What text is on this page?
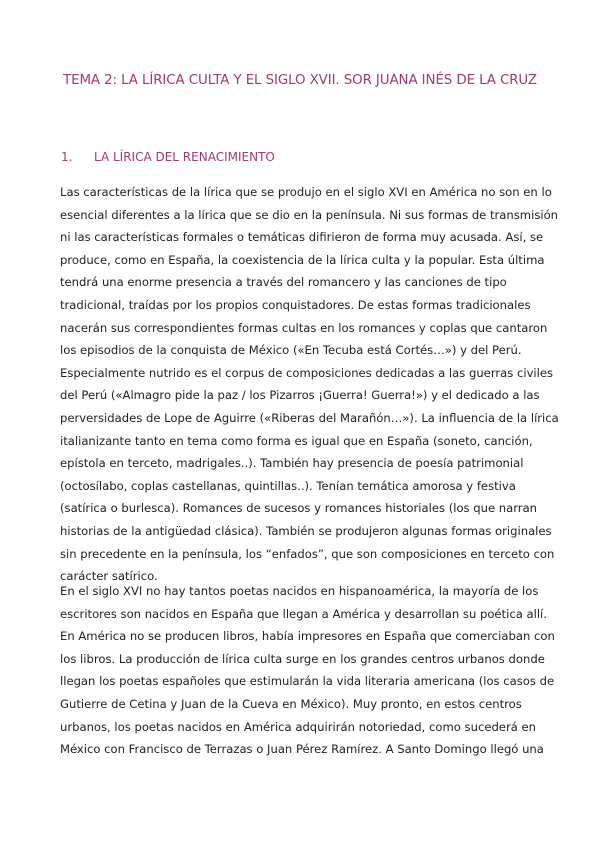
TEMA 2: LA LÍRICA CULTA Y EL SIGLO XVII. SOR JUANA INÉS DE LA CRUZ
1. LA LÍRICA DEL RENACIMIENTO
Las características de la lírica que se produjo en el siglo XVI en América no son en lo
esencial diferentes a la lírica que se dio en la península. Ni sus formas de transmisión
ni las características formales o temáticas difirieron de forma muy acusada. Así, se
produce, como en España, la coexistencia de la lírica culta y la popular. Esta última
tendrá una enorme presencia a través del romancero y las canciones de tipo
tradicional, traídas por los propios conquistadores. De estas formas tradicionales
nacerán sus correspondientes formas cultas en los romances y coplas que cantaron
los episodios de la conquista de México («En Tecuba está Cortés…») y del Perú.
Especialmente nutrido es el corpus de composiciones dedicadas a las guerras civiles
del Perú («Almagro pide la paz / los Pizarros ¡Guerra! Guerra!») y el dedicado a las
perversidades de Lope de Aguirre («Riberas del Marañón…»). La influencia de la lírica
italianizante tanto en tema como forma es igual que en España (soneto, canción,
epístola en terceto, madrigales..). También hay presencia de poesía patrimonial
(octosílabo, coplas castellanas, quintillas..). Tenían temática amorosa y festiva
(satírica o burlesca). Romances de sucesos y romances historiales (los que narran
historias de la antigüedad clásica). También se produjeron algunas formas originales
sin precedente en la península, los “enfados”, que son composiciones en terceto con
carácter satírico.
En el siglo XVI no hay tantos poetas nacidos en hispanoamérica, la mayoría de los
escritores son nacidos en España que llegan a América y desarrollan su poética allí.
En América no se producen libros, había impresores en España que comerciaban con
los libros. La producción de lírica culta surge en los grandes centros urbanos donde
llegan los poetas españoles que estimularán la vida literaria americana (los casos de
Gutierre de Cetina y Juan de la Cueva en México). Muy pronto, en estos centros
urbanos, los poetas nacidos en América adquirirán notoriedad, como sucederá en
México con Francisco de Terrazas o Juan Pérez Ramírez. A Santo Domingo llegó una
